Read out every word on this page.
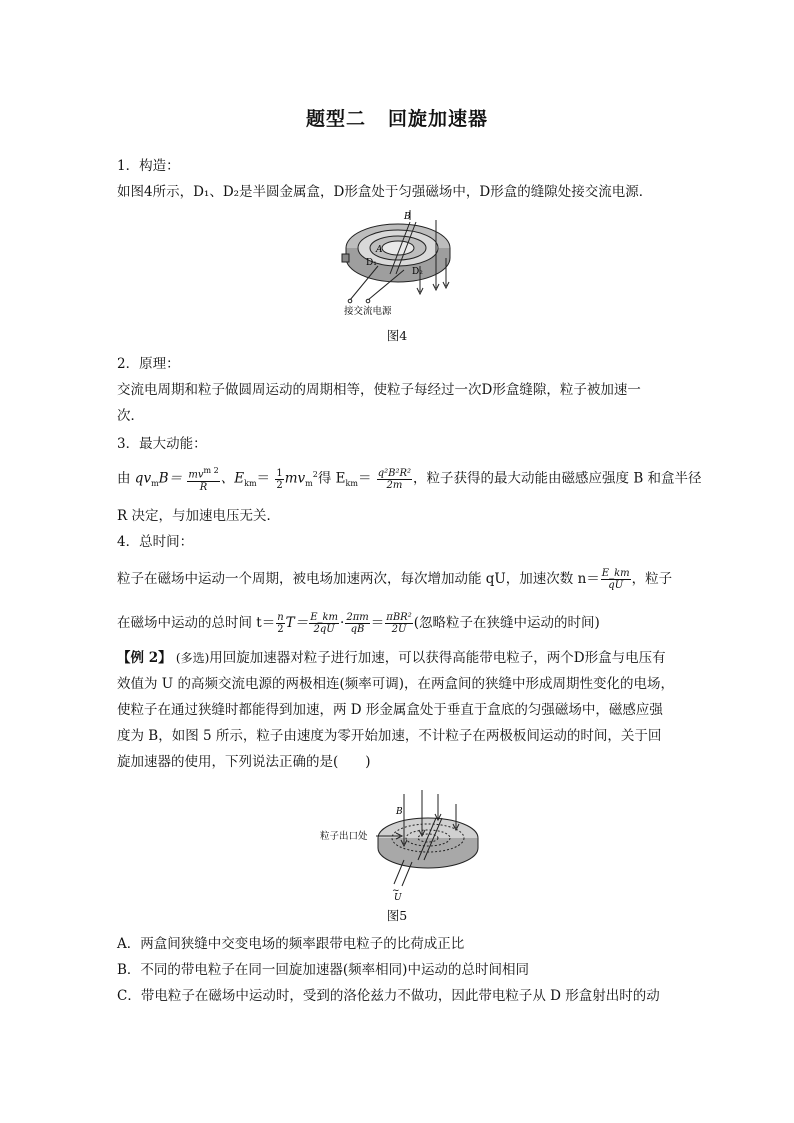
题型二 回旋加速器
1．构造：
如图4所示，D₁、D₂是半圆金属盒，D形盒处于匀强磁场中，D形盒的缝隙处接交流电源．
B
A
D₁
D₂
接交流电源
图4
2．原理：
交流电周期和粒子做圆周运动的周期相等，使粒子每经过一次D形盒缝隙，粒子被加速一
次．
3．最大动能：
由 $qv_mB= \frac{mv^{m 2}}{R}$ 、$E_{km}= \frac{1}{2} mv_m^2$得 $E_{km}= \frac{\text{q²B²R²}}{2m}$ ，粒子获得的最大动能由磁感应强度 B 和盒半径
R 决定，与加速电压无关．
4．总时间：
粒子在磁场中运动一个周期，被电场加速两次，每次增加动能 qU，加速次数 $n= \frac{E\_km}{qU}$ ，粒子
在磁场中运动的总时间 $t= \frac{n}{2} T= \frac{E\_km}{2qU} \cdot \frac{2\pi m}{qB} = \frac{\text{πBR²}}{2U}$ (忽略粒子在狭缝中运动的时间)
【例 2】 (多选)用回旋加速器对粒子进行加速，可以获得高能带电粒子，两个D形盒与电压有
效值为 U 的高频交流电源的两极相连(频率可调)，在两盒间的狭缝中形成周期性变化的电场，
使粒子在通过狭缝时都能得到加速，两 D 形金属盒处于垂直于盒底的匀强磁场中，磁感应强
度为 B，如图 5 所示，粒子由速度为零开始加速，不计粒子在两极板间运动的时间，关于回
旋加速器的使用，下列说法正确的是(　　)
B
粒子出口处
~
U
图5
A．两盒间狭缝中交变电场的频率跟带电粒子的比荷成正比
B．不同的带电粒子在同一回旋加速器(频率相同)中运动的总时间相同
C．带电粒子在磁场中运动时，受到的洛伦兹力不做功，因此带电粒子从 D 形盒射出时的动
